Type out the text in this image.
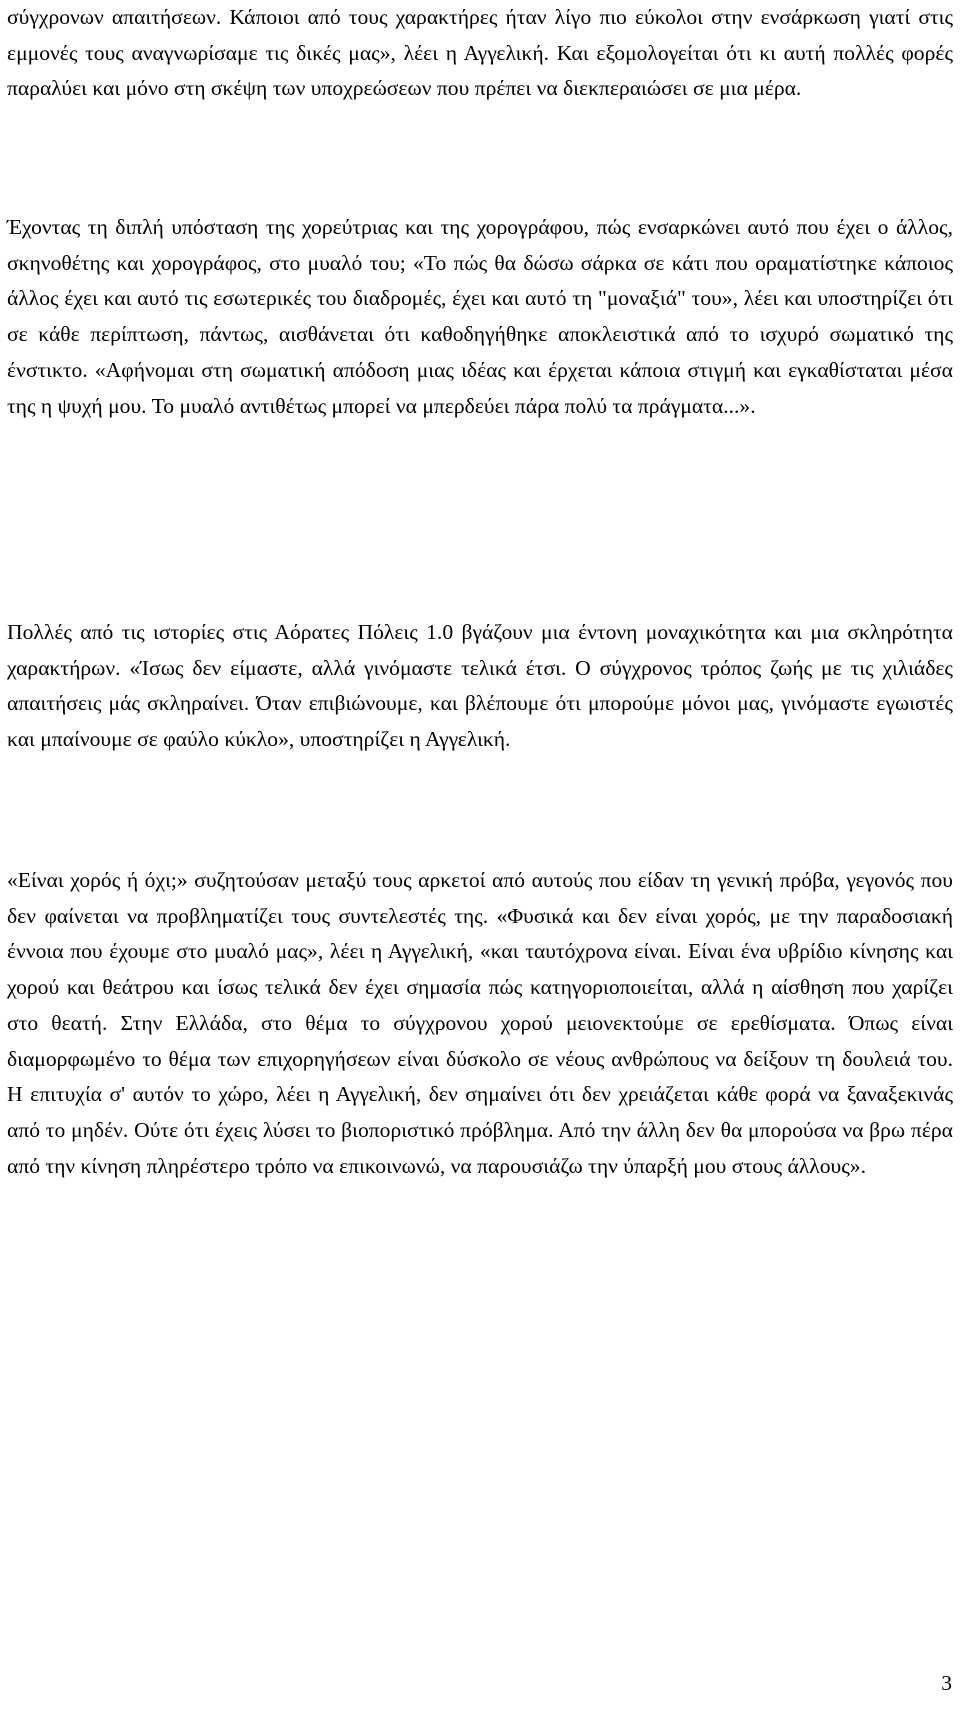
σύγχρονων απαιτήσεων. Κάποιοι από τους χαρακτήρες ήταν λίγο πιο εύκολοι στην ενσάρκωση γιατί στις εμμονές τους αναγνωρίσαμε τις δικές μας», λέει η Αγγελική. Και εξομολογείται ότι κι αυτή πολλές φορές παραλύει και μόνο στη σκέψη των υποχρεώσεων που πρέπει να διεκπεραιώσει σε μια μέρα.

Έχοντας τη διπλή υπόσταση της χορεύτριας και της χορογράφου, πώς ενσαρκώνει αυτό που έχει ο άλλος, σκηνοθέτης και χορογράφος, στο μυαλό του; «Το πώς θα δώσω σάρκα σε κάτι που οραματίστηκε κάποιος άλλος έχει και αυτό τις εσωτερικές του διαδρομές, έχει και αυτό τη "μοναξιά" του», λέει και υποστηρίζει ότι σε κάθε περίπτωση, πάντως, αισθάνεται ότι καθοδηγήθηκε αποκλειστικά από το ισχυρό σωματικό της ένστικτο. «Αφήνομαι στη σωματική απόδοση μιας ιδέας και έρχεται κάποια στιγμή και εγκαθίσταται μέσα της η ψυχή μου. Το μυαλό αντιθέτως μπορεί να μπερδεύει πάρα πολύ τα πράγματα...».

Πολλές από τις ιστορίες στις Αόρατες Πόλεις 1.0 βγάζουν μια έντονη μοναχικότητα και μια σκληρότητα χαρακτήρων. «Ίσως δεν είμαστε, αλλά γινόμαστε τελικά έτσι. Ο σύγχρονος τρόπος ζωής με τις χιλιάδες απαιτήσεις μάς σκληραίνει. Όταν επιβιώνουμε, και βλέπουμε ότι μπορούμε μόνοι μας, γινόμαστε εγωιστές και μπαίνουμε σε φαύλο κύκλο», υποστηρίζει η Αγγελική.

«Είναι χορός ή όχι;» συζητούσαν μεταξύ τους αρκετοί από αυτούς που είδαν τη γενική πρόβα, γεγονός που δεν φαίνεται να προβληματίζει τους συντελεστές της. «Φυσικά και δεν είναι χορός, με την παραδοσιακή έννοια που έχουμε στο μυαλό μας», λέει η Αγγελική, «και ταυτόχρονα είναι. Είναι ένα υβρίδιο κίνησης και χορού και θεάτρου και ίσως τελικά δεν έχει σημασία πώς κατηγοριοποιείται, αλλά η αίσθηση που χαρίζει στο θεατή. Στην Ελλάδα, στο θέμα το σύγχρονου χορού μειονεκτούμε σε ερεθίσματα. Όπως είναι διαμορφωμένο το θέμα των επιχορηγήσεων είναι δύσκολο σε νέους ανθρώπους να δείξουν τη δουλειά του. Η επιτυχία σ' αυτόν το χώρο, λέει η Αγγελική, δεν σημαίνει ότι δεν χρειάζεται κάθε φορά να ξαναξεκινάς από το μηδέν. Ούτε ότι έχεις λύσει το βιοποριστικό πρόβλημα. Από την άλλη δεν θα μπορούσα να βρω πέρα από την κίνηση πληρέστερο τρόπο να επικοινωνώ, να παρουσιάζω την ύπαρξή μου στους άλλους».

3
